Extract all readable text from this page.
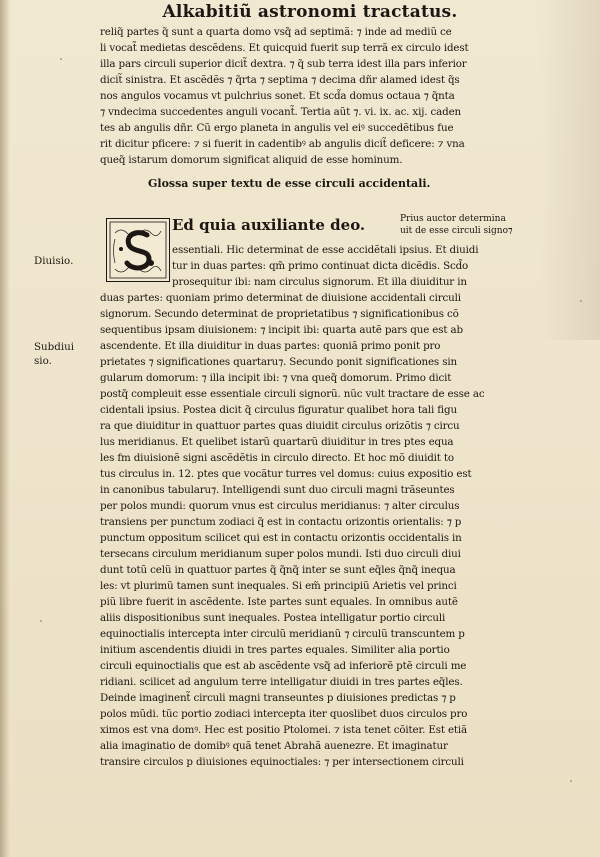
Alkabitiũ astronomi tractatus.
reliq̃ partes q̃ sunt a quarta domo vsq̃ ad septimã: ⁊ inde ad mediũ ce
li vocat̃ medietas descẽdens. Et quicquid fuerit sup terrã ex circulo idest
illa pars circuli superior dicit̃ dextra. ⁊ q̃ sub terra idest illa pars inferior
dicit̃ sinistra. Et ascẽdẽs ⁊ q̃rta ⁊ septima ⁊ decima dñr alamed idest q̃s
nos angulos vocamus vt pulchrius sonet. Et scd̃a domus octaua ⁊ q̃nta
⁊ vndecima succedentes anguli vocant̃. Tertia aũt ⁊. vi. ix. ac. xij. caden
tes ab angulis dñr. Cũ ergo planeta in angulis vel eiꝰ succedẽtibus fue
rit dicitur pficere: ⁊ si fuerit in cadentibꝰ ab angulis dicit̃ deficere: ⁊ vna
queq̃ istarum domorum significat aliquid de esse hominum.
Glossa super textu de esse circuli accidentali.
Ed quia auxiliante deo.	Prius auctor determina
uit de esse circuli signo⁊
essentiali. Hic determinat de esse accidẽtali ipsius. Et diuidi
tur in duas partes: qm̃ primo continuat dicta dicẽdis. Scd̃o
prosequitur ibi: nam circulus signorum. Et illa diuiditur in
duas partes: quoniam primo determinat de diuisione accidentali circuli
signorum. Secundo determinat de proprietatibus ⁊ significationibus cõ
sequentibus ipsam diuisionem: ⁊ incipit ibi: quarta autẽ pars que est ab
ascendente. Et illa diuiditur in duas partes: quoniã primo ponit pro
prietates ⁊ significationes quartaru⁊. Secundo ponit significationes sin
gularum domorum: ⁊ illa incipit ibi: ⁊ vna queq̃ domorum. Primo dicit
postq̃ compleuit esse essentiale circuli signorũ. nũc vult tractare de esse ac
cidentali ipsius. Postea dicit q̃ circulus figuratur qualibet hora tali figu
ra que diuiditur in quattuor partes quas diuidit circulus orizõtis ⁊ circu
lus meridianus. Et quelibet istarũ quartarũ diuiditur in tres ptes equa
les fm diuisionẽ signi ascẽdẽtis in circulo directo. Et hoc mõ diuidit to
tus circulus in. 12. ptes que vocãtur turres vel domus: cuius expositio est
in canonibus tabularu⁊. Intelligendi sunt duo circuli magni trãseuntes
per polos mundi: quorum vnus est circulus meridianus: ⁊ alter circulus
transiens per punctum zodiaci q̃ est in contactu orizontis orientalis: ⁊ p
punctum oppositum scilicet qui est in contactu orizontis occidentalis in
tersecans circulum meridianum super polos mundi. Isti duo circuli diui
dunt totũ celũ in quattuor partes q̃ q̃nq̃ inter se sunt eq̃les q̃nq̃ inequa
les: vt plurimũ tamen sunt inequales. Si em̃ principiũ Arietis vel princi
piũ libre fuerit in ascẽdente. Iste partes sunt equales. In omnibus autẽ
aliis dispositionibus sunt inequales. Postea intelligatur portio circuli
equinoctialis intercepta inter circulũ meridianũ ⁊ circulũ transcuntem p
initium ascendentis diuidi in tres partes equales. Similiter alia portio
circuli equinoctialis que est ab ascẽdente vsq̃ ad inferiorẽ ptẽ circuli me
ridiani. scilicet ad angulum terre intelligatur diuidi in tres partes eq̃les.
Deinde imaginent̃ circuli magni transeuntes p diuisiones predictas ⁊ p
polos mũdi. tũc portio zodiaci intercepta iter quoslibet duos circulos pro
ximos est vna domꝰ. Hec est positio Ptolomei. ⁊ ista tenet cõiter. Est etiã
alia imaginatio de domibꝰ quã tenet Abrahã auenezre. Et imaginatur
transire circulos p diuisiones equinoctiales: ⁊ per intersectionem circuli
Diuisio.
Subdiui
sio.
